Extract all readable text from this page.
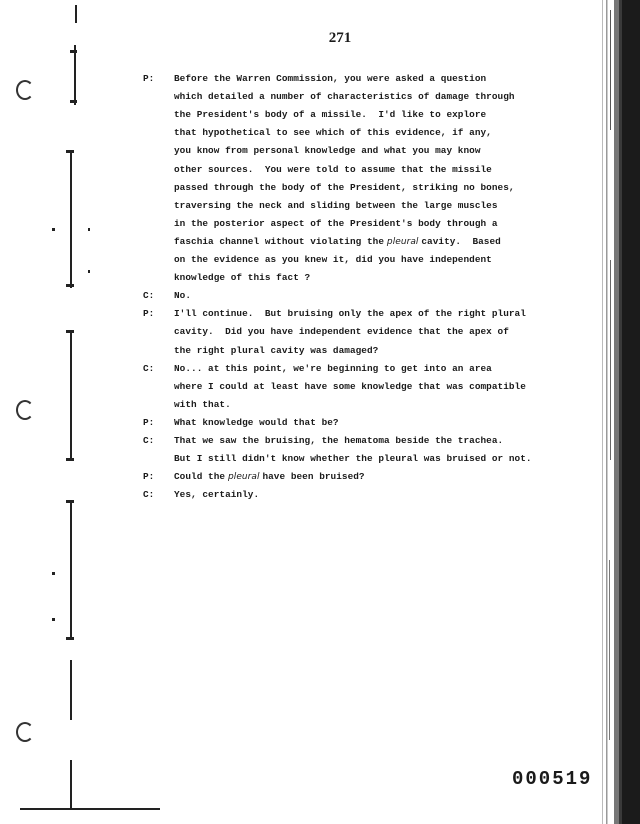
271
P: Before the Warren Commission, you were asked a question
which detailed a number of characteristics of damage through
the President's body of a missile.  I'd like to explore
that hypothetical to see which of this evidence, if any,
you know from personal knowledge and what you may know
other sources.  You were told to assume that the missile
passed through the body of the President, striking no bones,
traversing the neck and sliding between the large muscles
in the posterior aspect of the President's body through a
faschia channel without violating the pleural cavity.  Based
on the evidence as you knew it, did you have independent
knowledge of this fact ?
C: No.
P: I'll continue.  But bruising only the apex of the right plural
cavity.  Did you have independent evidence that the apex of
the right plural cavity was damaged?
C: No... at this point, we're beginning to get into an area
where I could at least have some knowledge that was compatible
with that.
P: What knowledge would that be?
C: That we saw the bruising, the hematoma beside the trachea.
But I still didn't know whether the pleural was bruised or not.
P: Could the pleural have been bruised?
C: Yes, certainly.
000519
